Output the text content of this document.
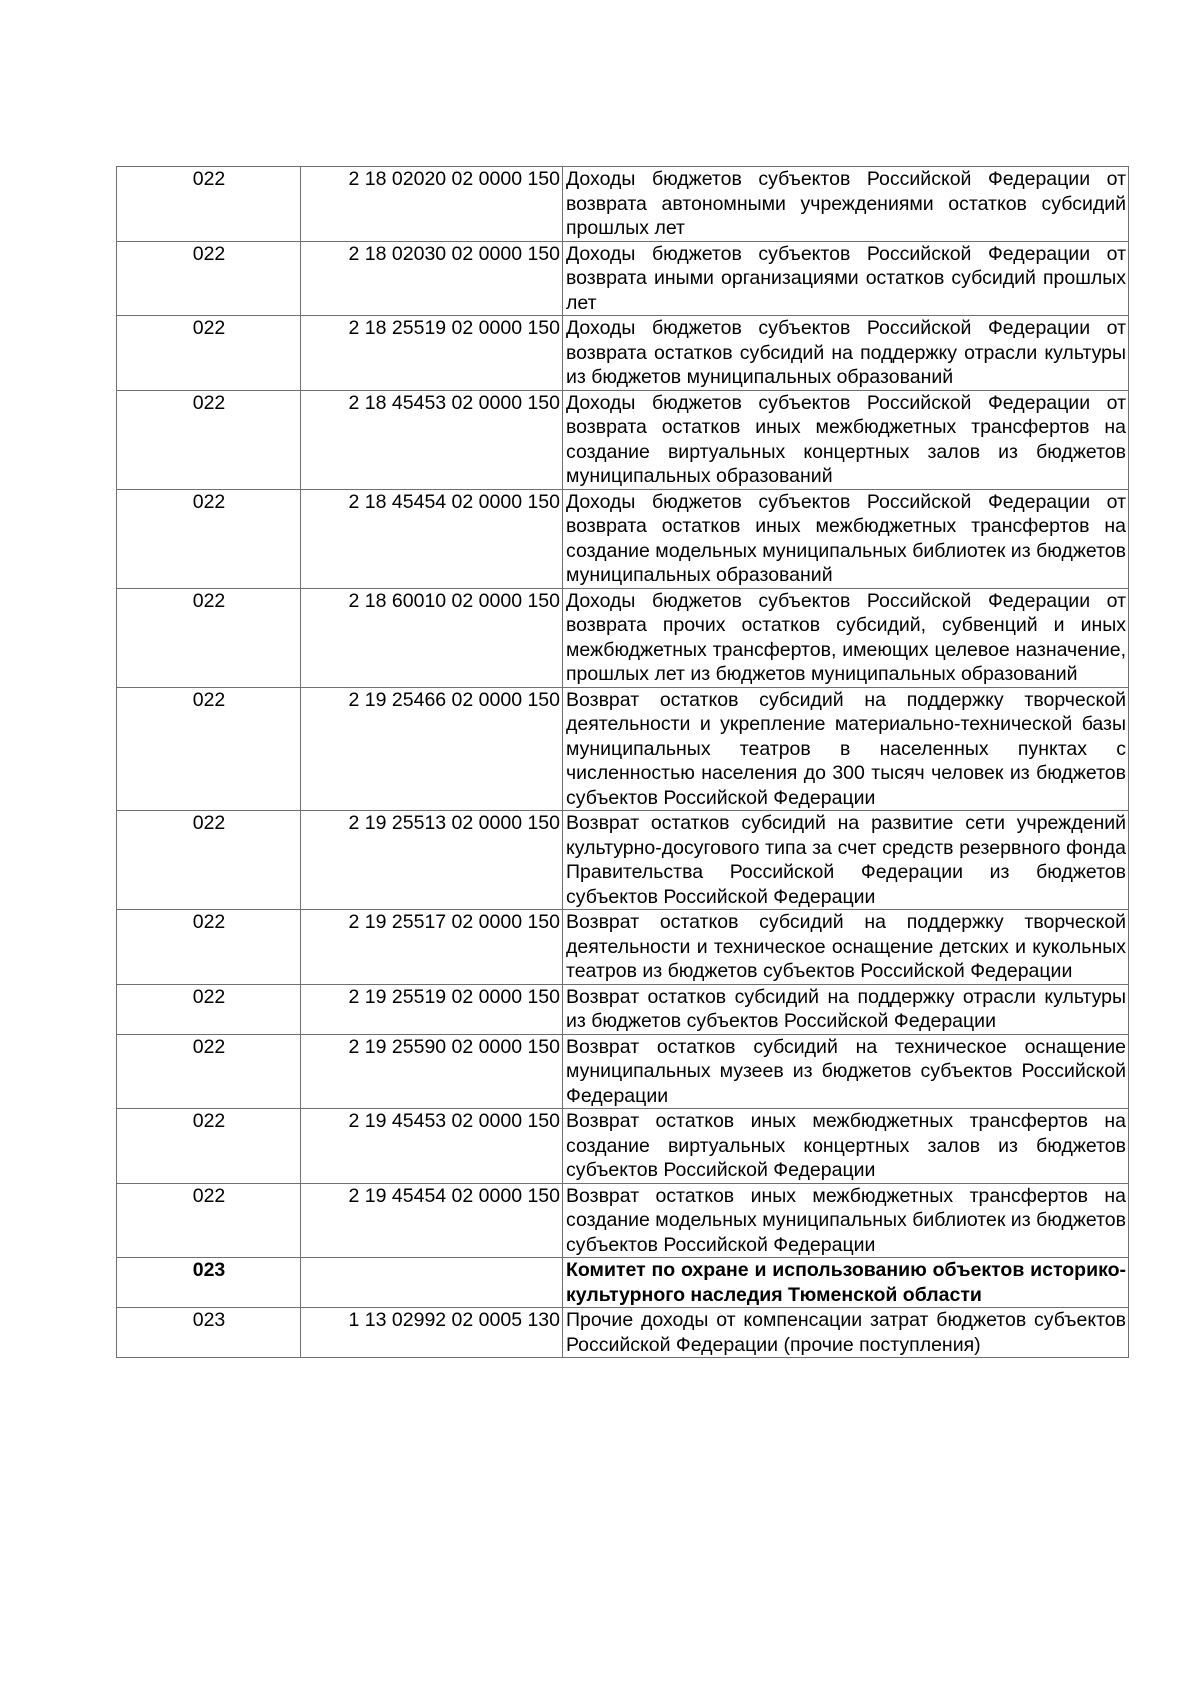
022	2 18 02020 02 0000 150	Доходы бюджетов субъектов Российской Федерации от возврата автономными учреждениями остатков субсидий прошлых лет
022	2 18 02030 02 0000 150	Доходы бюджетов субъектов Российской Федерации от возврата иными организациями остатков субсидий прошлых лет
022	2 18 25519 02 0000 150	Доходы бюджетов субъектов Российской Федерации от возврата остатков субсидий на поддержку отрасли культуры из бюджетов муниципальных образований
022	2 18 45453 02 0000 150	Доходы бюджетов субъектов Российской Федерации от возврата остатков иных межбюджетных трансфертов на создание виртуальных концертных залов из бюджетов муниципальных образований
022	2 18 45454 02 0000 150	Доходы бюджетов субъектов Российской Федерации от возврата остатков иных межбюджетных трансфертов на создание модельных муниципальных библиотек из бюджетов муниципальных образований
022	2 18 60010 02 0000 150	Доходы бюджетов субъектов Российской Федерации от возврата прочих остатков субсидий, субвенций и иных межбюджетных трансфертов, имеющих целевое назначение, прошлых лет из бюджетов муниципальных образований
022	2 19 25466 02 0000 150	Возврат остатков субсидий на поддержку творческой деятельности и укрепление материально-технической базы муниципальных театров в населенных пунктах с численностью населения до 300 тысяч человек из бюджетов субъектов Российской Федерации
022	2 19 25513 02 0000 150	Возврат остатков субсидий на развитие сети учреждений культурно-досугового типа за счет средств резервного фонда Правительства Российской Федерации из бюджетов субъектов Российской Федерации
022	2 19 25517 02 0000 150	Возврат остатков субсидий на поддержку творческой деятельности и техническое оснащение детских и кукольных театров из бюджетов субъектов Российской Федерации
022	2 19 25519 02 0000 150	Возврат остатков субсидий на поддержку отрасли культуры из бюджетов субъектов Российской Федерации
022	2 19 25590 02 0000 150	Возврат остатков субсидий на техническое оснащение муниципальных музеев из бюджетов субъектов Российской Федерации
022	2 19 45453 02 0000 150	Возврат остатков иных межбюджетных трансфертов на создание виртуальных концертных залов из бюджетов субъектов Российской Федерации
022	2 19 45454 02 0000 150	Возврат остатков иных межбюджетных трансфертов на создание модельных муниципальных библиотек из бюджетов субъектов Российской Федерации
023		Комитет по охране и использованию объектов историко-культурного наследия Тюменской области
023	1 13 02992 02 0005 130	Прочие доходы от компенсации затрат бюджетов субъектов Российской Федерации (прочие поступления)
